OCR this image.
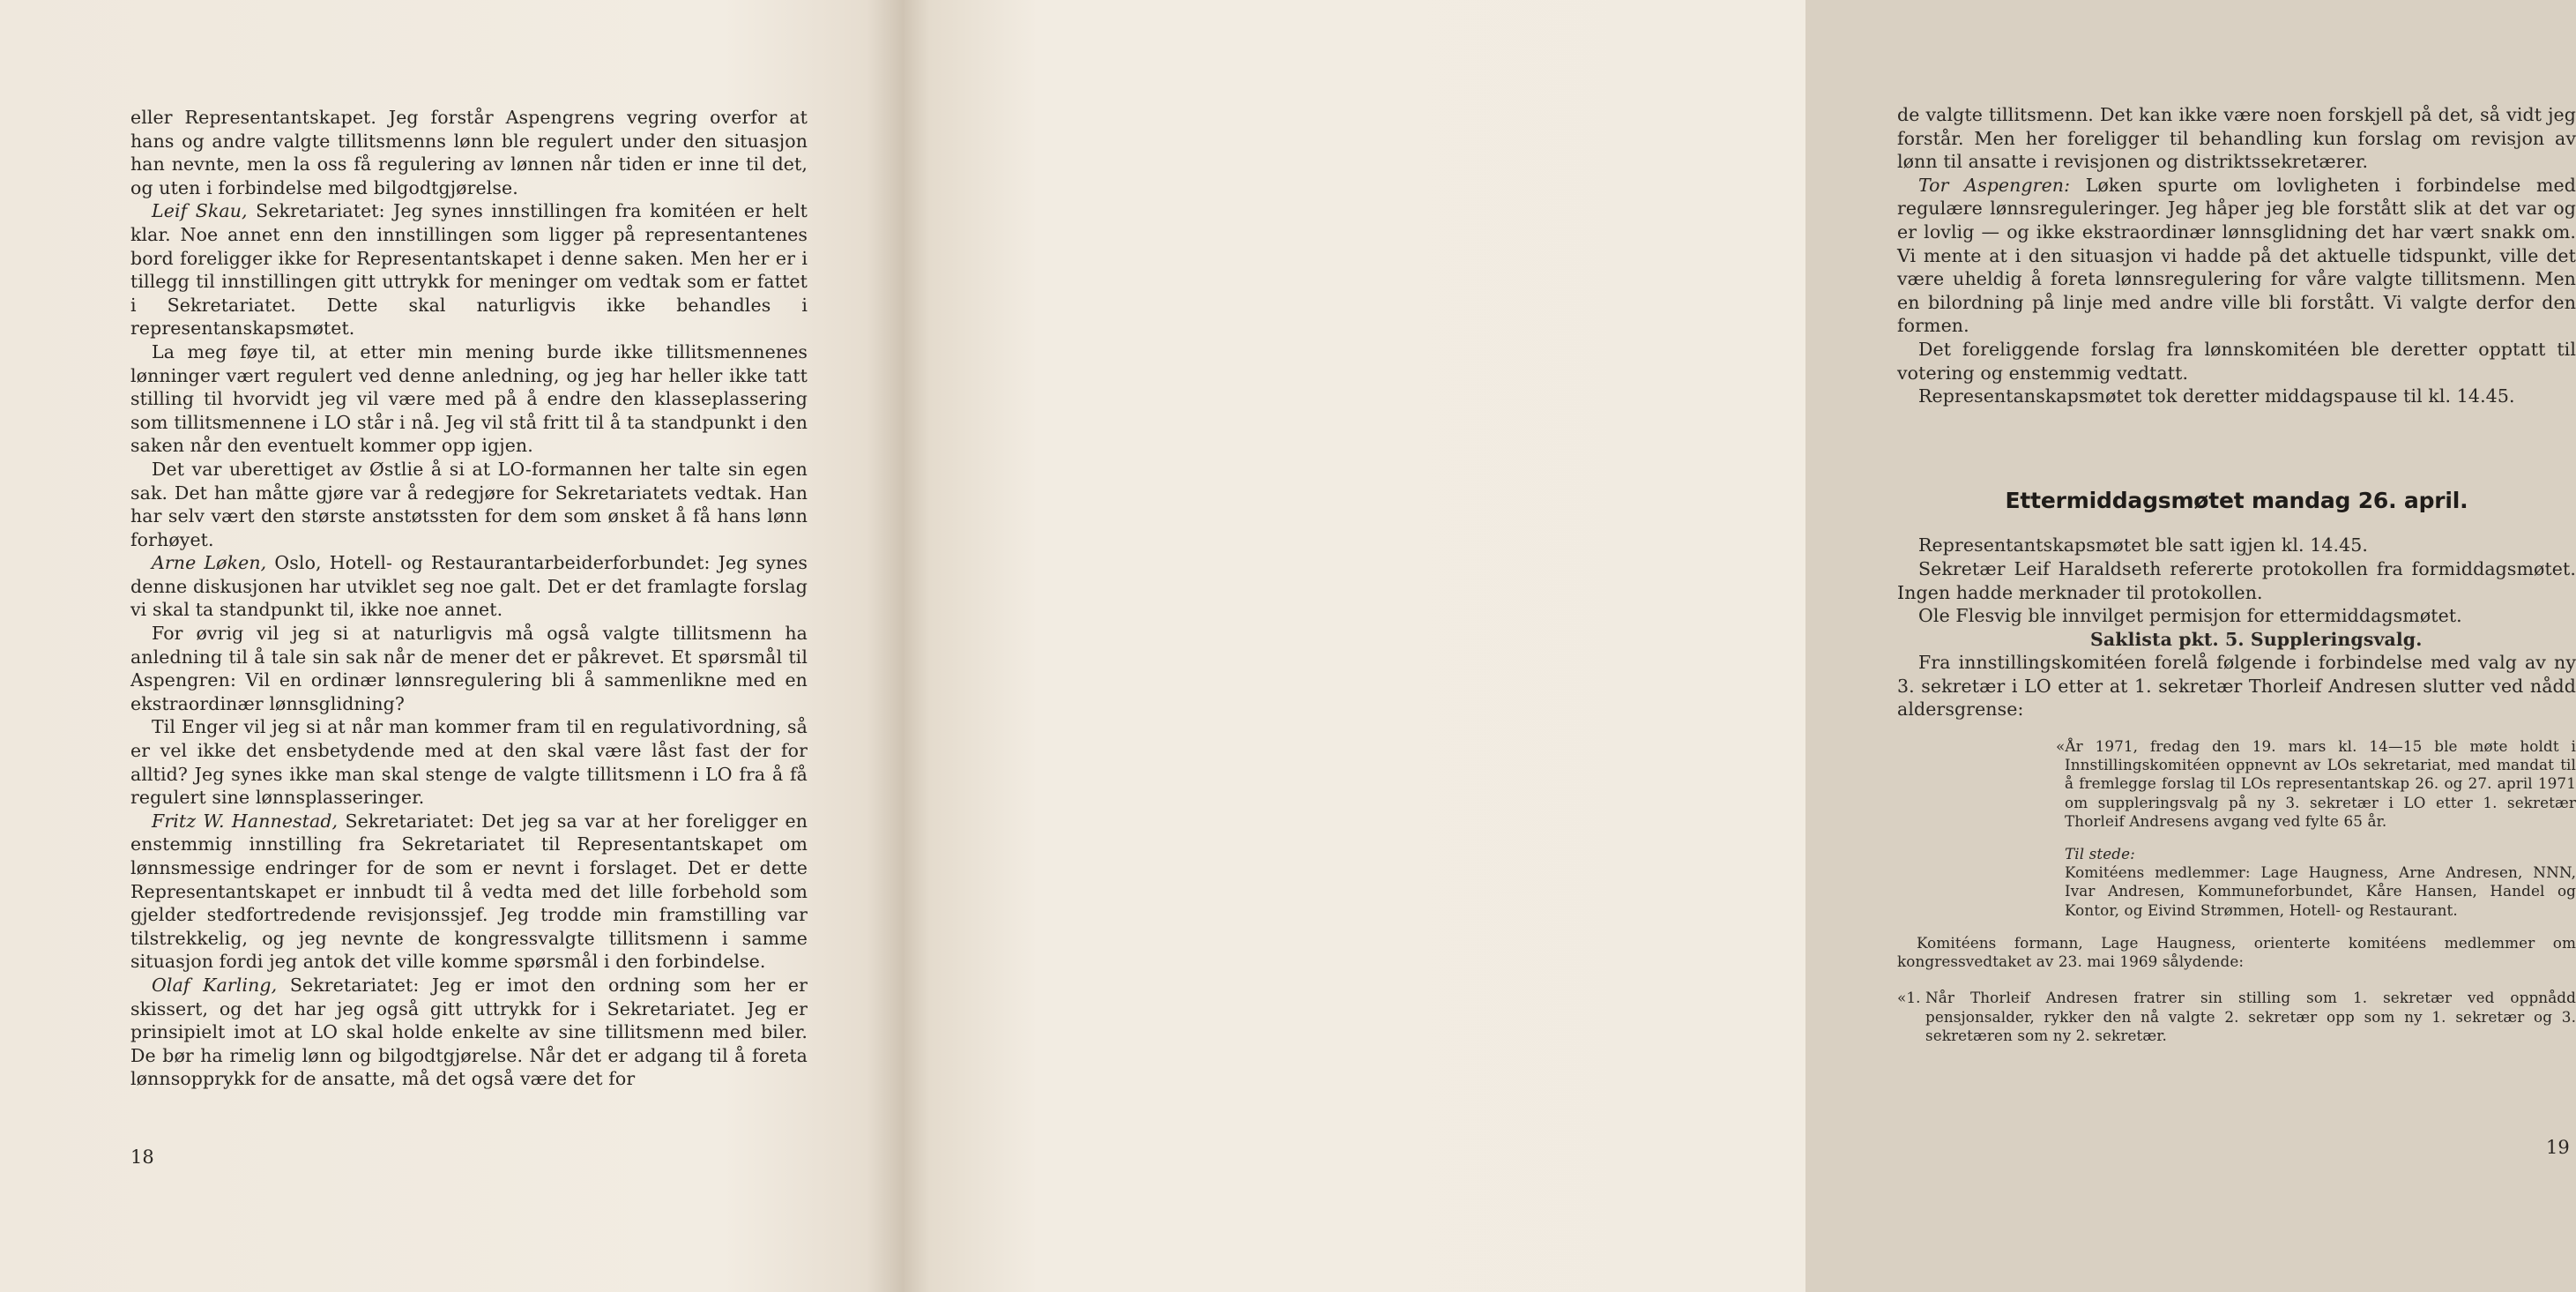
eller Representantskapet. Jeg forstår Aspengrens vegring overfor at hans og andre valgte tillitsmenns lønn ble regulert under den situasjon han nevnte, men la oss få regulering av lønnen når tiden er inne til det, og uten i forbindelse med bilgodtgjørelse.

Leif Skau, Sekretariatet: Jeg synes innstillingen fra komitéen er helt klar. Noe annet enn den innstillingen som ligger på representantenes bord foreligger ikke for Representantskapet i denne saken. Men her er i tillegg til innstillingen gitt uttrykk for meninger om vedtak som er fattet i Sekretariatet. Dette skal naturligvis ikke behandles i representanskapsmøtet.

La meg føye til, at etter min mening burde ikke tillitsmennenes lønninger vært regulert ved denne anledning, og jeg har heller ikke tatt stilling til hvorvidt jeg vil være med på å endre den klasseplassering som tillitsmennene i LO står i nå. Jeg vil stå fritt til å ta standpunkt i den saken når den eventuelt kommer opp igjen.

Det var uberettiget av Østlie å si at LO-formannen her talte sin egen sak. Det han måtte gjøre var å redegjøre for Sekretariatets vedtak. Han har selv vært den største anstøtssten for dem som ønsket å få hans lønn forhøyet.

Arne Løken, Oslo, Hotell- og Restaurantarbeiderforbundet: Jeg synes denne diskusjonen har utviklet seg noe galt. Det er det framlagte forslag vi skal ta standpunkt til, ikke noe annet.

For øvrig vil jeg si at naturligvis må også valgte tillitsmenn ha anledning til å tale sin sak når de mener det er påkrevet. Et spørsmål til Aspengren: Vil en ordinær lønnsregulering bli å sammenlikne med en ekstraordinær lønnsglidning?

Til Enger vil jeg si at når man kommer fram til en regulativordning, så er vel ikke det ensbetydende med at den skal være låst fast der for alltid? Jeg synes ikke man skal stenge de valgte tillitsmenn i LO fra å få regulert sine lønnsplasseringer.

Fritz W. Hannestad, Sekretariatet: Det jeg sa var at her foreligger en enstemmig innstilling fra Sekretariatet til Representantskapet om lønnsmessige endringer for de som er nevnt i forslaget. Det er dette Representantskapet er innbudt til å vedta med det lille forbehold som gjelder stedfortredende revisjonssjef. Jeg trodde min framstilling var tilstrekkelig, og jeg nevnte de kongressvalgte tillitsmenn i samme situasjon fordi jeg antok det ville komme spørsmål i den forbindelse.

Olaf Karling, Sekretariatet: Jeg er imot den ordning som her er skissert, og det har jeg også gitt uttrykk for i Sekretariatet. Jeg er prinsipielt imot at LO skal holde enkelte av sine tillitsmenn med biler. De bør ha rimelig lønn og bilgodtgjørelse. Når det er adgang til å foreta lønnsopprykk for de ansatte, må det også være det for

18

de valgte tillitsmenn. Det kan ikke være noen forskjell på det, så vidt jeg forstår. Men her foreligger til behandling kun forslag om revisjon av lønn til ansatte i revisjonen og distriktssekretærer.

Tor Aspengren: Løken spurte om lovligheten i forbindelse med regulære lønnsreguleringer. Jeg håper jeg ble forstått slik at det var og er lovlig — og ikke ekstraordinær lønnsglidning det har vært snakk om. Vi mente at i den situasjon vi hadde på det aktuelle tidspunkt, ville det være uheldig å foreta lønnsregulering for våre valgte tillitsmenn. Men en bilordning på linje med andre ville bli forstått. Vi valgte derfor den formen.

Det foreliggende forslag fra lønnskomitéen ble deretter opptatt til votering og enstemmig vedtatt.

Representanskapsmøtet tok deretter middagspause til kl. 14.45.

Ettermiddagsmøtet mandag 26. april.

Representantskapsmøtet ble satt igjen kl. 14.45.

Sekretær Leif Haraldseth refererte protokollen fra formiddagsmøtet. Ingen hadde merknader til protokollen.

Ole Flesvig ble innvilget permisjon for ettermiddagsmøtet.

Saklista pkt. 5. Suppleringsvalg.

Fra innstillingskomitéen forelå følgende i forbindelse med valg av ny 3. sekretær i LO etter at 1. sekretær Thorleif Andresen slutter ved nådd aldersgrense:

«År 1971, fredag den 19. mars kl. 14—15 ble møte holdt i Innstillingskomitéen oppnevnt av LOs sekretariat, med mandat til å fremlegge forslag til LOs representantskap 26. og 27. april 1971 om suppleringsvalg på ny 3. sekretær i LO etter 1. sekretær Thorleif Andresens avgang ved fylte 65 år.

Til stede:

Komitéens medlemmer: Lage Haugness, Arne Andresen, NNN, Ivar Andresen, Kommuneforbundet, Kåre Hansen, Handel og Kontor, og Eivind Strømmen, Hotell- og Restaurant.

Komitéens formann, Lage Haugness, orienterte komitéens medlemmer om kongressvedtaket av 23. mai 1969 sålydende:

«1. Når Thorleif Andresen fratrer sin stilling som 1. sekretær ved oppnådd pensjonsalder, rykker den nå valgte 2. sekretær opp som ny 1. sekretær og 3. sekretæren som ny 2. sekretær.
19
